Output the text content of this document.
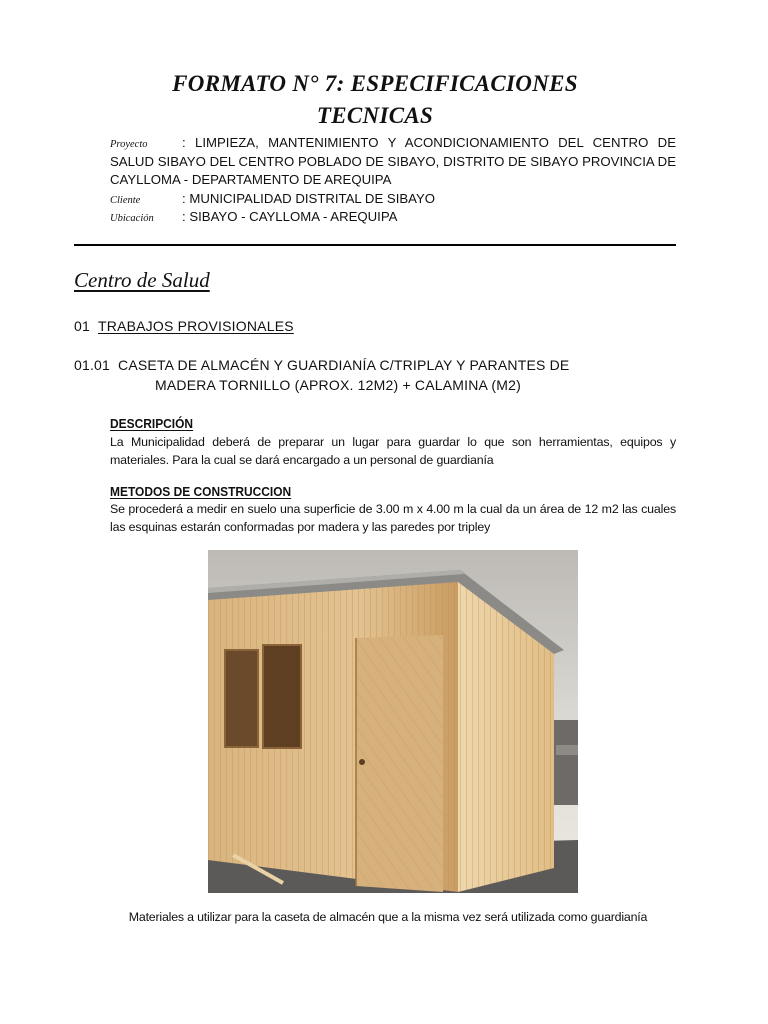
FORMATO N° 7: ESPECIFICACIONES
TECNICAS
Proyecto	: LIMPIEZA, MANTENIMIENTO Y ACONDICIONAMIENTO DEL CENTRO DE SALUD SIBAYO DEL CENTRO POBLADO DE SIBAYO, DISTRITO DE SIBAYO PROVINCIA DE CAYLLOMA - DEPARTAMENTO DE AREQUIPA
Cliente	: MUNICIPALIDAD DISTRITAL DE SIBAYO
Ubicación	: SIBAYO - CAYLLOMA - AREQUIPA
Centro de Salud
01 TRABAJOS PROVISIONALES
01.01 CASETA DE ALMACÉN Y GUARDIANÍA C/TRIPLAY Y PARANTES DE
MADERA TORNILLO (APROX. 12M2) + CALAMINA (M2)
DESCRIPCIÓN
La Municipalidad deberá de preparar un lugar para guardar lo que son herramientas, equipos y materiales. Para la cual se dará encargado a un personal de guardianía
METODOS DE CONSTRUCCION
Se procederá a medir en suelo una superficie de 3.00 m x 4.00 m la cual da un área de 12 m2 las cuales las esquinas estarán conformadas por madera y las paredes por tripley
Materiales a utilizar para la caseta de almacén que a la misma vez será utilizada como guardianía
